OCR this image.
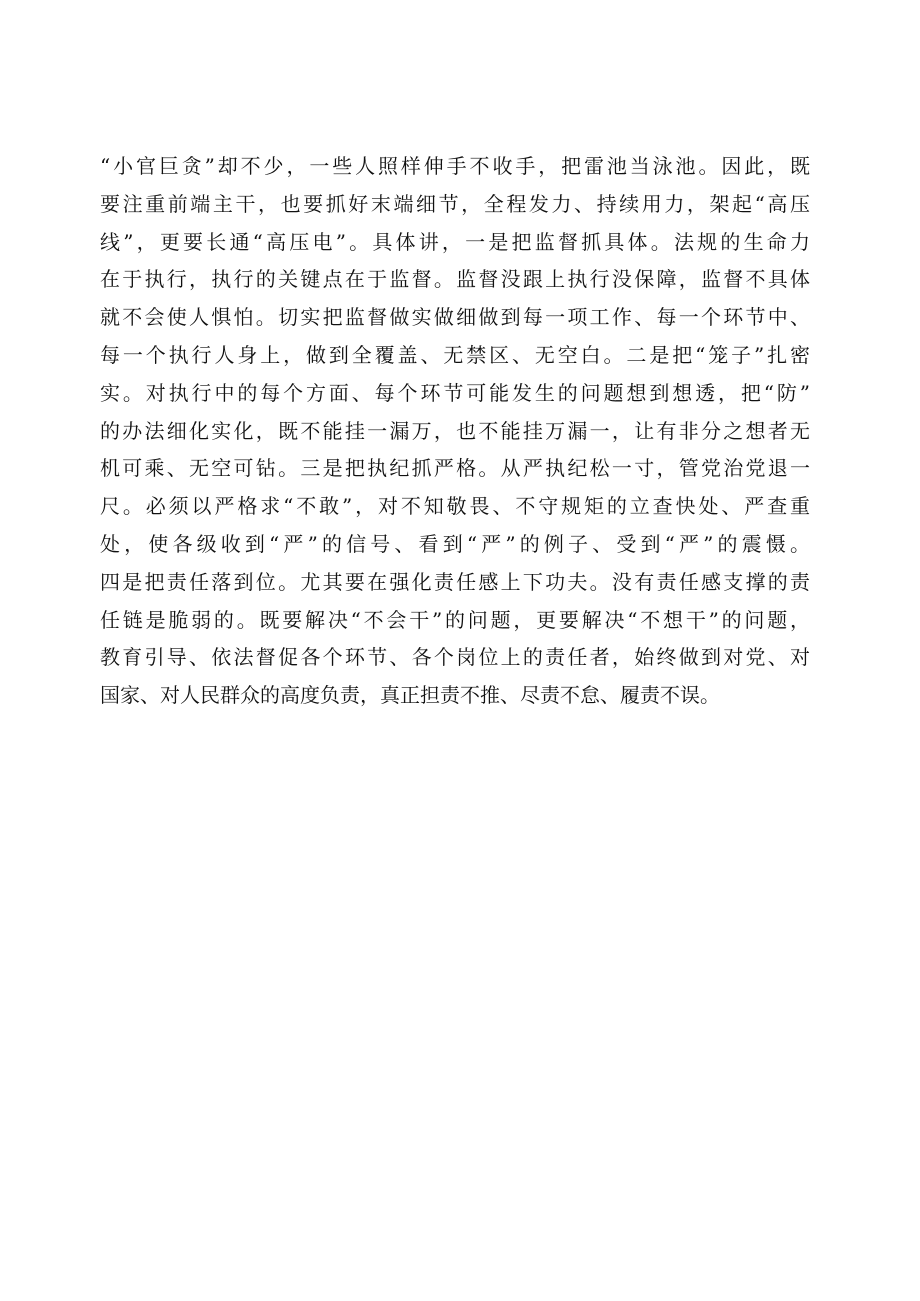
“小官巨贪”却不少，一些人照样伸手不收手，把雷池当泳池。因此，既
要注重前端主干，也要抓好末端细节，全程发力、持续用力，架起“高压
线”，更要长通“高压电”。具体讲，一是把监督抓具体。法规的生命力
在于执行，执行的关键点在于监督。监督没跟上执行没保障，监督不具体
就不会使人惧怕。切实把监督做实做细做到每一项工作、每一个环节中、
每一个执行人身上，做到全覆盖、无禁区、无空白。二是把“笼子”扎密
实。对执行中的每个方面、每个环节可能发生的问题想到想透，把“防”
的办法细化实化，既不能挂一漏万，也不能挂万漏一，让有非分之想者无
机可乘、无空可钻。三是把执纪抓严格。从严执纪松一寸，管党治党退一
尺。必须以严格求“不敢”，对不知敬畏、不守规矩的立查快处、严查重
处，使各级收到“严”的信号、看到“严”的例子、受到“严”的震慑。
四是把责任落到位。尤其要在强化责任感上下功夫。没有责任感支撑的责
任链是脆弱的。既要解决“不会干”的问题，更要解决“不想干”的问题，
教育引导、依法督促各个环节、各个岗位上的责任者，始终做到对党、对
国家、对人民群众的高度负责，真正担责不推、尽责不怠、履责不误。
